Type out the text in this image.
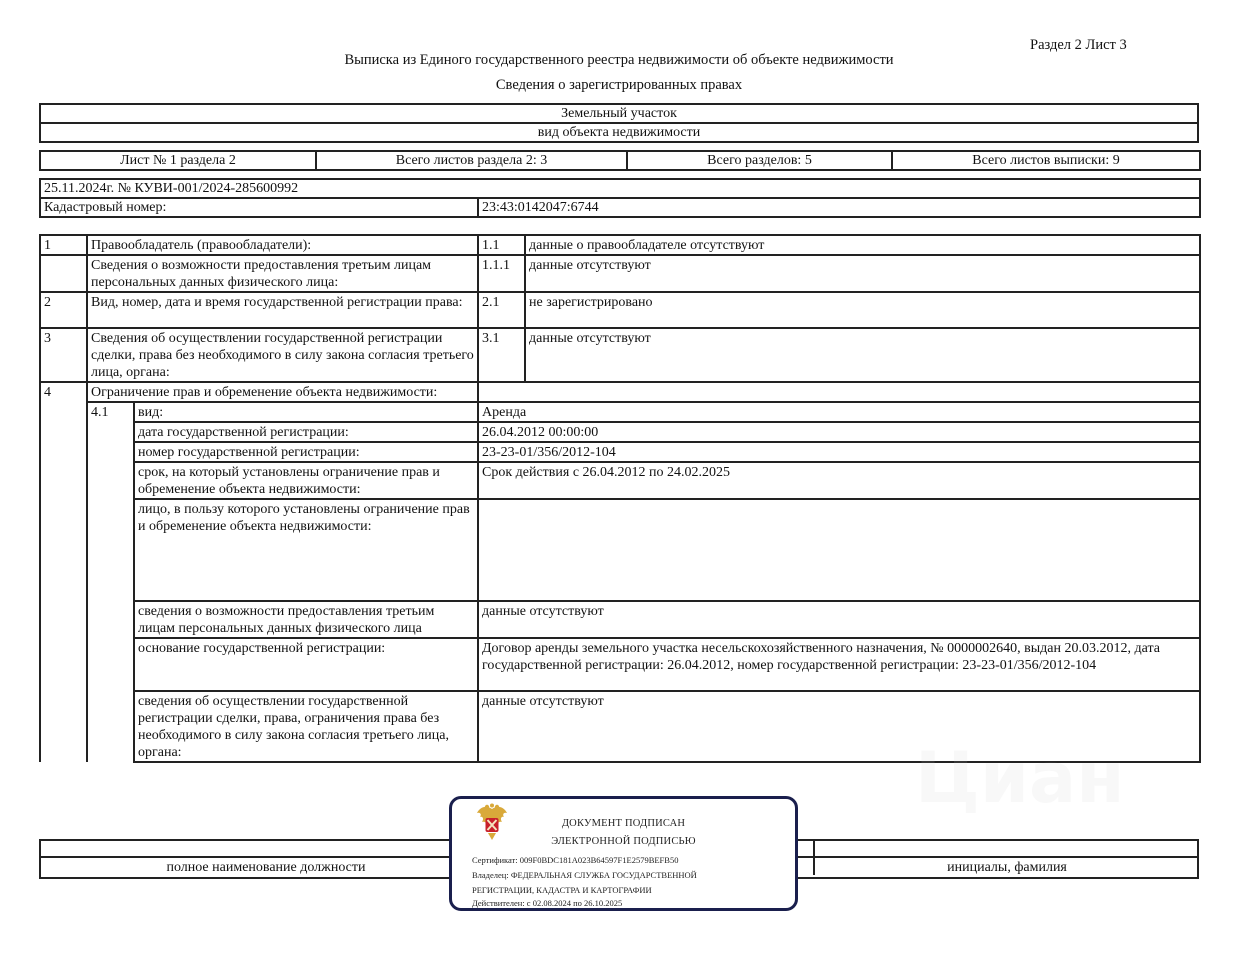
Раздел 2 Лист 3
Выписка из Единого государственного реестра недвижимости об объекте недвижимости
Сведения о зарегистрированных правах
Земельный участок
вид объекта недвижимости
Лист № 1 раздела 2	Всего листов раздела 2: 3	Всего разделов: 5	Всего листов выписки: 9
25.11.2024г. № КУВИ-001/2024-285600992
Кадастровый номер:	23:43:0142047:6744
1	Правообладатель (правообладатели):		1.1	данные о правообладателе отсутствуют
	Сведения о возможности предоставления третьим лицам персональных данных физического лица:		1.1.1	данные отсутствуют
2	Вид, номер, дата и время государственной регистрации права:		2.1	не зарегистрировано
3	Сведения об осуществлении государственной регистрации сделки, права без необходимого в силу закона согласия третьего лица, органа:		3.1	данные отсутствуют
4	Ограничение прав и обременение объекта недвижимости:			
	4.1	вид:	Аренда	
		дата государственной регистрации:	26.04.2012 00:00:00	
		номер государственной регистрации:	23-23-01/356/2012-104	
		срок, на который установлены ограничение прав и обременение объекта недвижимости:	Срок действия с 26.04.2012 по 24.02.2025	
		лицо, в пользу которого установлены ограничение прав и обременение объекта недвижимости:		
		сведения о возможности предоставления третьим лицам персональных данных физического лица	данные отсутствуют	
		основание государственной регистрации:	Договор аренды земельного участка несельскохозяйственного назначения, № 0000002640, выдан 20.03.2012, дата государственной регистрации: 26.04.2012, номер государственной регистрации: 23-23-01/356/2012-104	
		сведения об осуществлении государственной регистрации сделки, права, ограничения права без необходимого в силу закона согласия третьего лица, органа:	данные отсутствуют	
полное наименование должности	инициалы, фамилия
Циан
ДОКУМЕНТ ПОДПИСАН
ЭЛЕКТРОННОЙ ПОДПИСЬЮ
Сертификат: 009F0BDC181A023B64597F1E2579BEFB50
Владелец: ФЕДЕРАЛЬНАЯ СЛУЖБА ГОСУДАРСТВЕННОЙ
РЕГИСТРАЦИИ, КАДАСТРА И КАРТОГРАФИИ
Действителен: с 02.08.2024 по 26.10.2025
